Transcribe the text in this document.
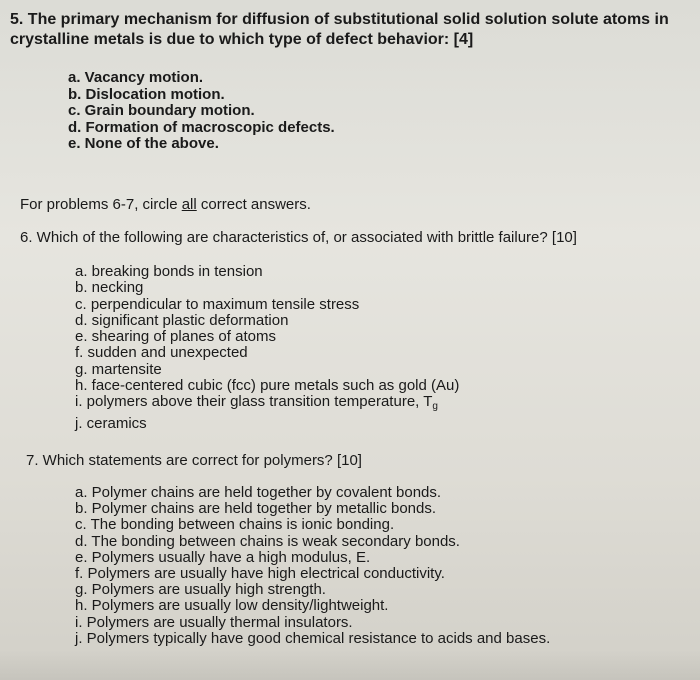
5. The primary mechanism for diffusion of substitutional solid solution solute atoms in crystalline metals is due to which type of defect behavior: [4]
a. Vacancy motion.
b. Dislocation motion.
c. Grain boundary motion.
d. Formation of macroscopic defects.
e. None of the above.
For problems 6-7, circle all correct answers.
6. Which of the following are characteristics of, or associated with brittle failure? [10]
a. breaking bonds in tension
b. necking
c. perpendicular to maximum tensile stress
d. significant plastic deformation
e. shearing of planes of atoms
f. sudden and unexpected
g. martensite
h. face-centered cubic (fcc) pure metals such as gold (Au)
i. polymers above their glass transition temperature, $T_g$
j. ceramics
7. Which statements are correct for polymers? [10]
a. Polymer chains are held together by covalent bonds.
b. Polymer chains are held together by metallic bonds.
c. The bonding between chains is ionic bonding.
d. The bonding between chains is weak secondary bonds.
e. Polymers usually have a high modulus, E.
f. Polymers are usually have high electrical conductivity.
g. Polymers are usually high strength.
h. Polymers are usually low density/lightweight.
i. Polymers are usually thermal insulators.
j. Polymers typically have good chemical resistance to acids and bases.
